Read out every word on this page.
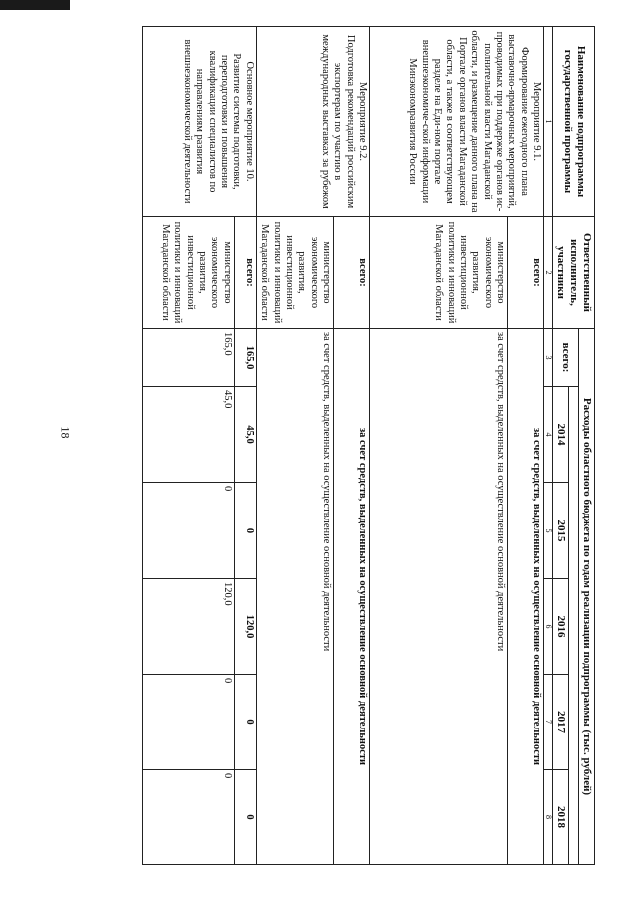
18
Наименование подпрограммы государственной программы	Ответственный исполнитель, участники	Расходы областного бюджета по годам реализации подпрограммы (тыс. рублей)					
		всего:					
			2014	2015	2016	2017	2018
1	2	3	4	5	6	7	8
Мероприятие 9.1.
Формирование ежегодного плана выставочно-ярмарочных мероприятий, проводимых при поддержке органов ис-полнительной власти Магаданской области, и размещение данного плана на Портале органов власти Магаданской области, а также в соответствующем разделе на Еди-ном портале внешнеэкономиче-ской информации Минэкономразвития России	всего:	за счет средств, выделенных на осуществление основной деятельности					
	министерство экономического развития, инвестиционной политики и инноваций Магаданской области	за счет средств, выделенных на осуществление основной деятельности					
Мероприятие 9.2.
Подготовка рекомендаций российским экспортерам по участию в международных выставках за рубежом	всего:	за счет средств, выделенных на осуществление основной деятельности					
	министерство экономического развития, инвестиционной политики и инноваций Магаданской области	за счет средств, выделенных на осуществление основной деятельности					
Основное мероприятие 10.
Развитие системы подготовки, переподготовки и повышения квалификации специалистов по направлениям развития внешнеэкономической деятельности	всего:	165,0	45,0	0	120,0	0	0
	министерство экономического развития, инвестиционной политики и инноваций Магаданской области	165,0	45,0	0	120,0	0	0
